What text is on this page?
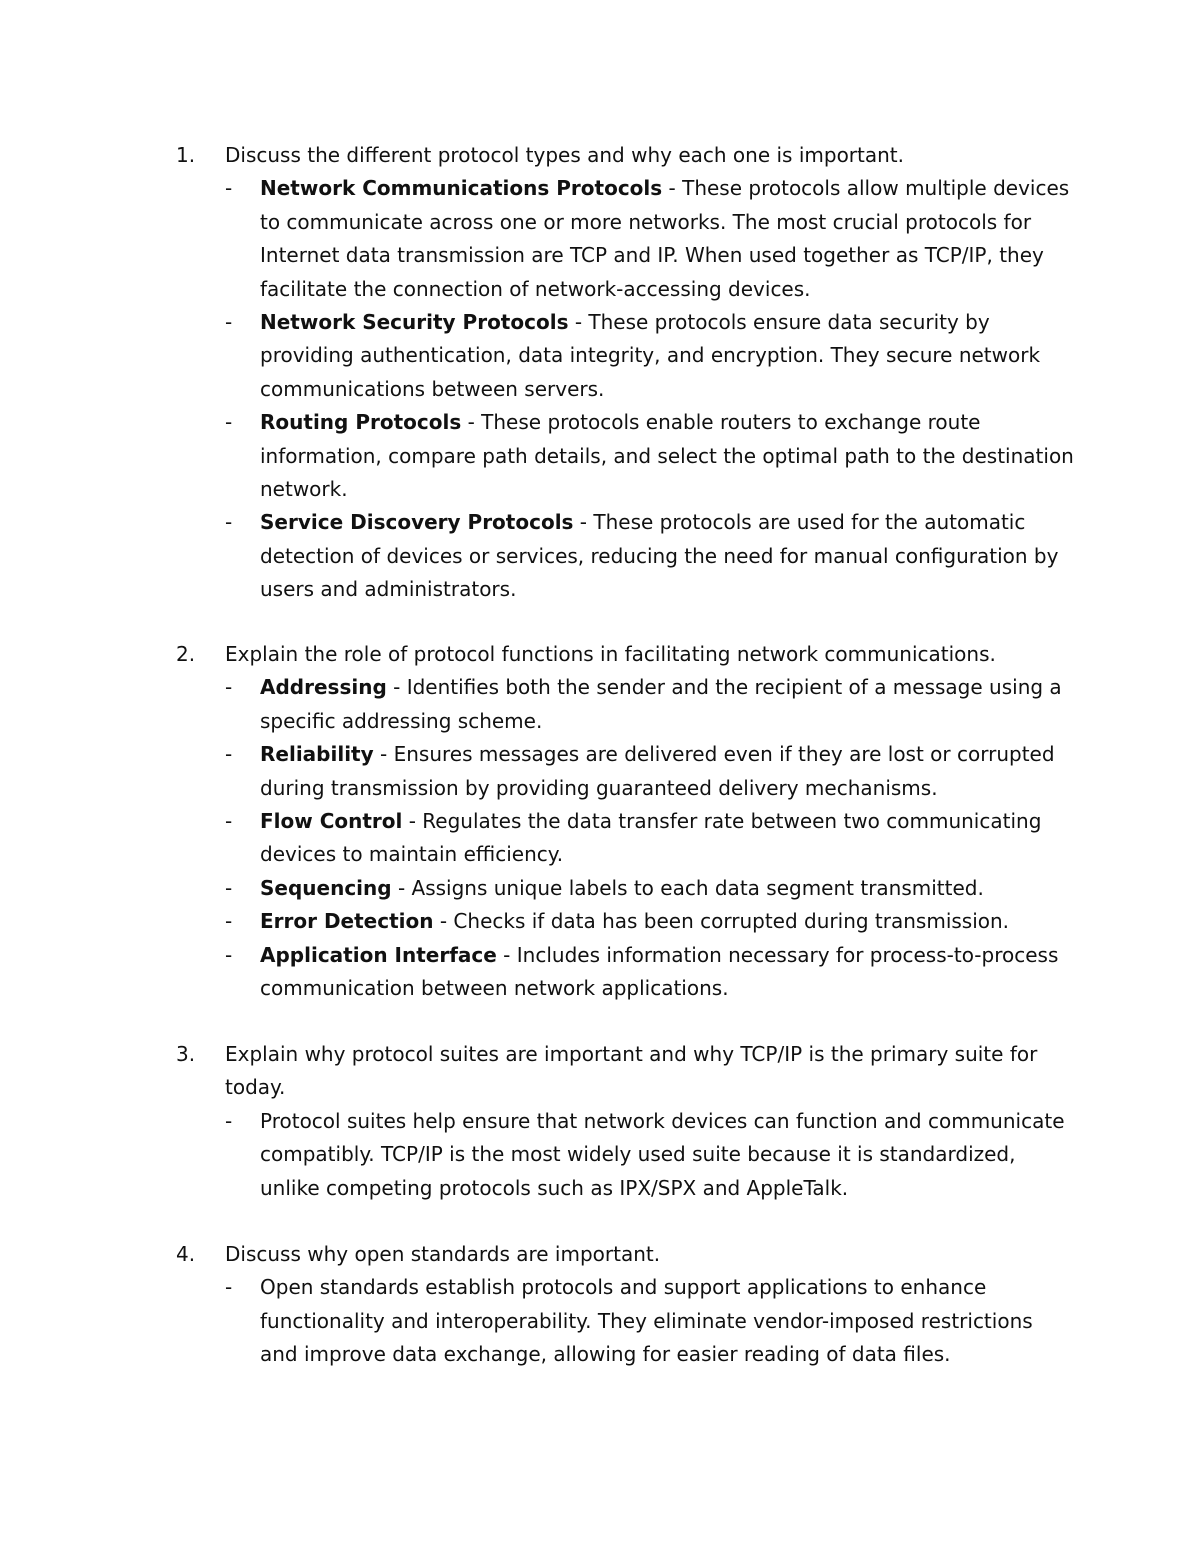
1.	Discuss the different protocol types and why each one is important.
- Network Communications Protocols - These protocols allow multiple devices to communicate across one or more networks. The most crucial protocols for Internet data transmission are TCP and IP. When used together as TCP/IP, they facilitate the connection of network-accessing devices.
- Network Security Protocols - These protocols ensure data security by providing authentication, data integrity, and encryption. They secure network communications between servers.
- Routing Protocols - These protocols enable routers to exchange route information, compare path details, and select the optimal path to the destination network.
- Service Discovery Protocols - These protocols are used for the automatic detection of devices or services, reducing the need for manual configuration by users and administrators.
2.	Explain the role of protocol functions in facilitating network communications.
- Addressing - Identifies both the sender and the recipient of a message using a specific addressing scheme.
- Reliability - Ensures messages are delivered even if they are lost or corrupted during transmission by providing guaranteed delivery mechanisms.
- Flow Control - Regulates the data transfer rate between two communicating devices to maintain efficiency.
- Sequencing - Assigns unique labels to each data segment transmitted.
- Error Detection - Checks if data has been corrupted during transmission.
- Application Interface - Includes information necessary for process-to-process communication between network applications.
3.	Explain why protocol suites are important and why TCP/IP is the primary suite for today.
- Protocol suites help ensure that network devices can function and communicate compatibly. TCP/IP is the most widely used suite because it is standardized, unlike competing protocols such as IPX/SPX and AppleTalk.
4.	Discuss why open standards are important.
- Open standards establish protocols and support applications to enhance functionality and interoperability. They eliminate vendor-imposed restrictions and improve data exchange, allowing for easier reading of data files.
